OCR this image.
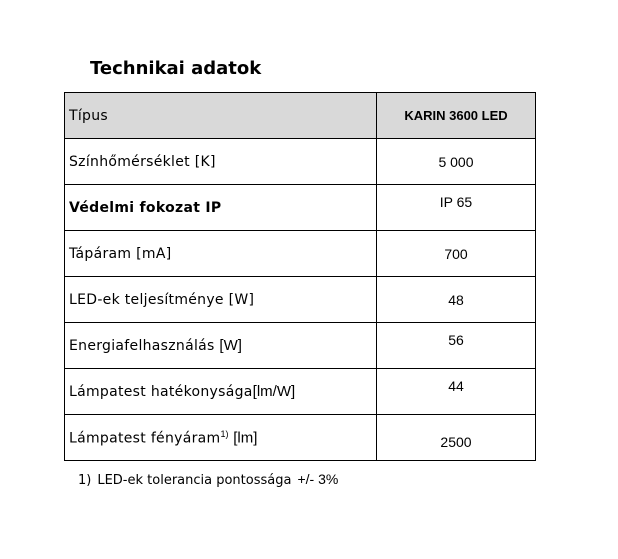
Technikai adatok
Típus	KARIN 3600 LED
Színhőmérséklet [K]	5 000
Védelmi fokozat IP	IP 65
Tápáram [mA]	700
LED-ek teljesítménye [W]	48
Energiafelhasználás [W]	56
Lámpatest hatékonysága[lm/W]	44
Lámpatest fényáram$^{1)}$ [lm]	2500
1) LED-ek tolerancia pontossága +/- 3%
